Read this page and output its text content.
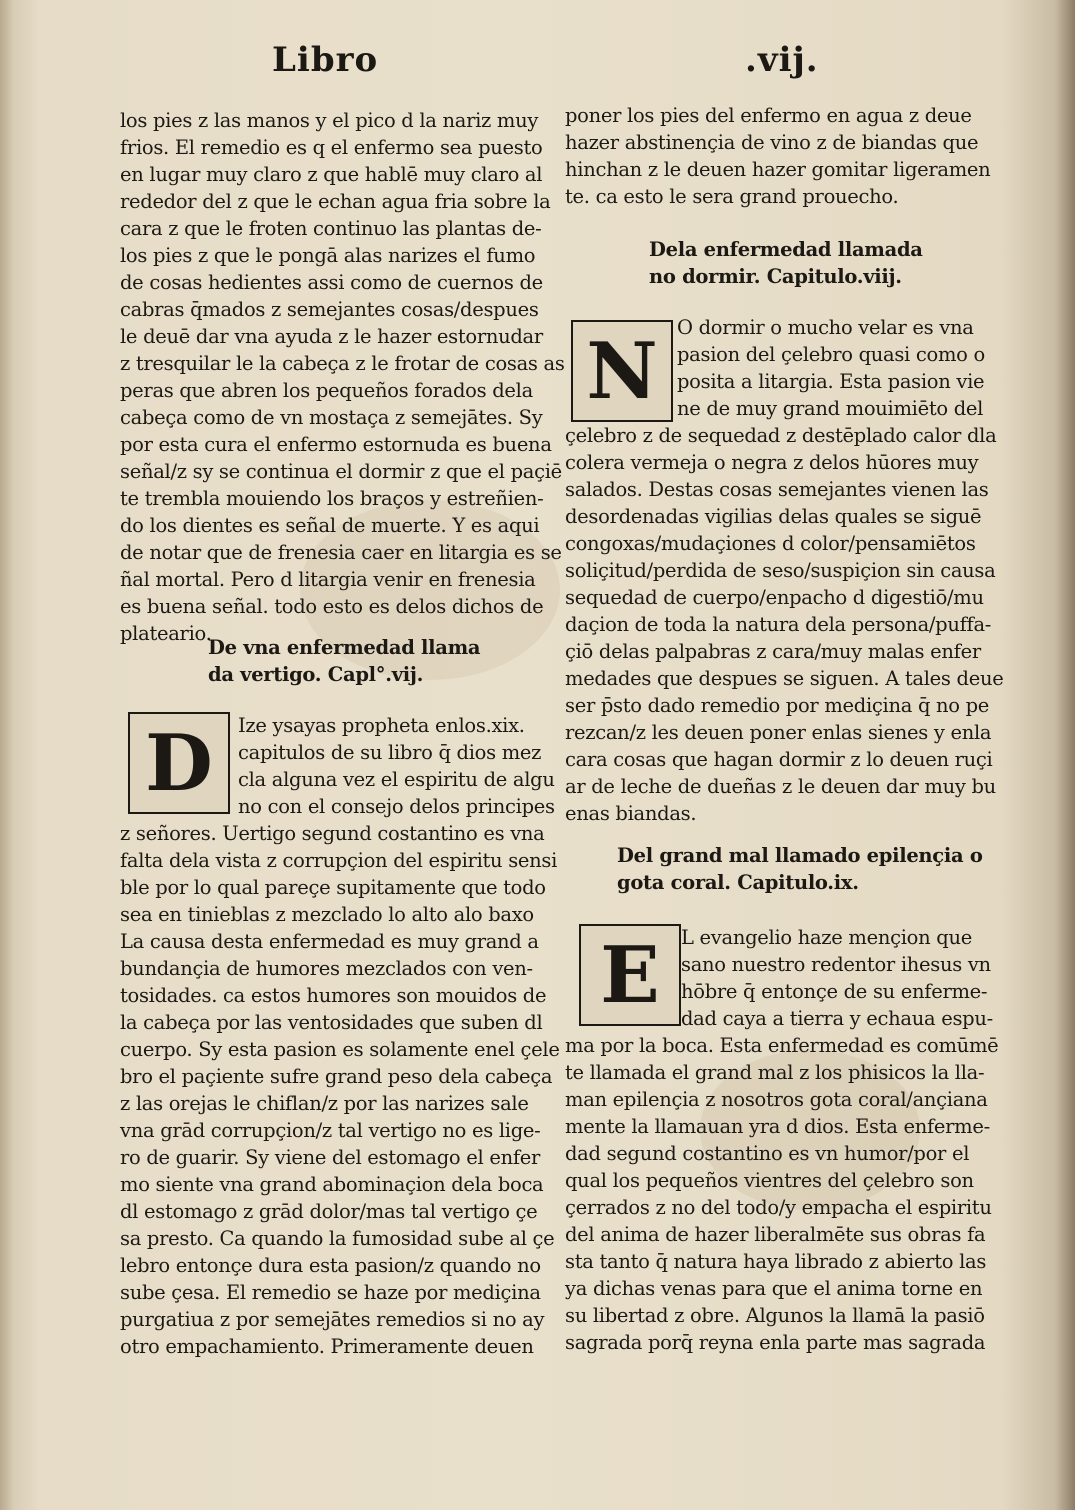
Libro	.vij.
los pies z las manos y el pico d la nariz muy
frios. El remedio es q el enfermo sea puesto
en lugar muy claro z que hablē muy claro al
rededor del z que le echan agua fria sobre la
cara z que le froten continuo las plantas de-
los pies z que le pongā alas narizes el fumo
de cosas hedientes assi como de cuernos de
cabras q̄mados z semejantes cosas/despues
le deuē dar vna ayuda z le hazer estornudar
z tresquilar le la cabeça z le frotar de cosas as
peras que abren los pequeños forados dela
cabeça como de vn mostaça z semejātes. Sy
por esta cura el enfermo estornuda es buena
señal/z sy se continua el dormir z que el paçiē
te trembla mouiendo los braços y estreñien-
do los dientes es señal de muerte. Y es aqui
de notar que de frenesia caer en litargia es se
ñal mortal. Pero d litargia venir en frenesia
es buena señal. todo esto es delos dichos de
plateario.
De vna enfermedad llama
da vertigo. Capl°.vij.
D	Ize ysayas propheta enlos.xix.
capitulos de su libro q̄ dios mez
cla alguna vez el espiritu de algu
no con el consejo delos principes
z señores. Uertigo segund costantino es vna
falta dela vista z corrupçion del espiritu sensi
ble por lo qual pareçe supitamente que todo
sea en tinieblas z mezclado lo alto alo baxo
La causa desta enfermedad es muy grand a
bundançia de humores mezclados con ven-
tosidades. ca estos humores son mouidos de
la cabeça por las ventosidades que suben dl
cuerpo. Sy esta pasion es solamente enel çele
bro el paçiente sufre grand peso dela cabeça
z las orejas le chiflan/z por las narizes sale
vna grād corrupçion/z tal vertigo no es lige-
ro de guarir. Sy viene del estomago el enfer
mo siente vna grand abominaçion dela boca
dl estomago z grād dolor/mas tal vertigo çe
sa presto. Ca quando la fumosidad sube al çe
lebro entonçe dura esta pasion/z quando no
sube çesa. El remedio se haze por mediçina
purgatiua z por semejātes remedios si no ay
otro empachamiento. Primeramente deuen
poner los pies del enfermo en agua z deue
hazer abstinençia de vino z de biandas que
hinchan z le deuen hazer gomitar ligeramen
te. ca esto le sera grand prouecho.
Dela enfermedad llamada
no dormir. Capitulo.viij.
N O dormir o mucho velar es vna
pasion del çelebro quasi como o
posita a litargia. Esta pasion vie
ne de muy grand mouimiēto del
çelebro z de sequedad z destēplado calor dla
colera vermeja o negra z delos hūores muy
salados. Destas cosas semejantes vienen las
desordenadas vigilias delas quales se siguē
congoxas/mudaçiones d color/pensamiētos
soliçitud/perdida de seso/suspiçion sin causa
sequedad de cuerpo/enpacho d digestiō/mu
daçion de toda la natura dela persona/puffa-
çiō delas palpabras z cara/muy malas enfer
medades que despues se siguen. A tales deue
ser p̄sto dado remedio por mediçina q̄ no pe
rezcan/z les deuen poner enlas sienes y enla
cara cosas que hagan dormir z lo deuen ruçi
ar de leche de dueñas z le deuen dar muy bu
enas biandas.
Del grand mal llamado epilençia o
gota coral. Capitulo.ix.
E	L evangelio haze mençion que
sano nuestro redentor ihesus vn
hōbre q̄ entonçe de su enferme-
dad caya a tierra y echaua espu-
ma por la boca. Esta enfermedad es comūmē
te llamada el grand mal z los phisicos la lla-
man epilençia z nosotros gota coral/ançiana
mente la llamauan yra d dios. Esta enferme-
dad segund costantino es vn humor/por el
qual los pequeños vientres del çelebro son
çerrados z no del todo/y empacha el espiritu
del anima de hazer liberalmēte sus obras fa
sta tanto q̄ natura haya librado z abierto las
ya dichas venas para que el anima torne en
su libertad z obre. Algunos la llamā la pasiō
sagrada porq̄ reyna enla parte mas sagrada
